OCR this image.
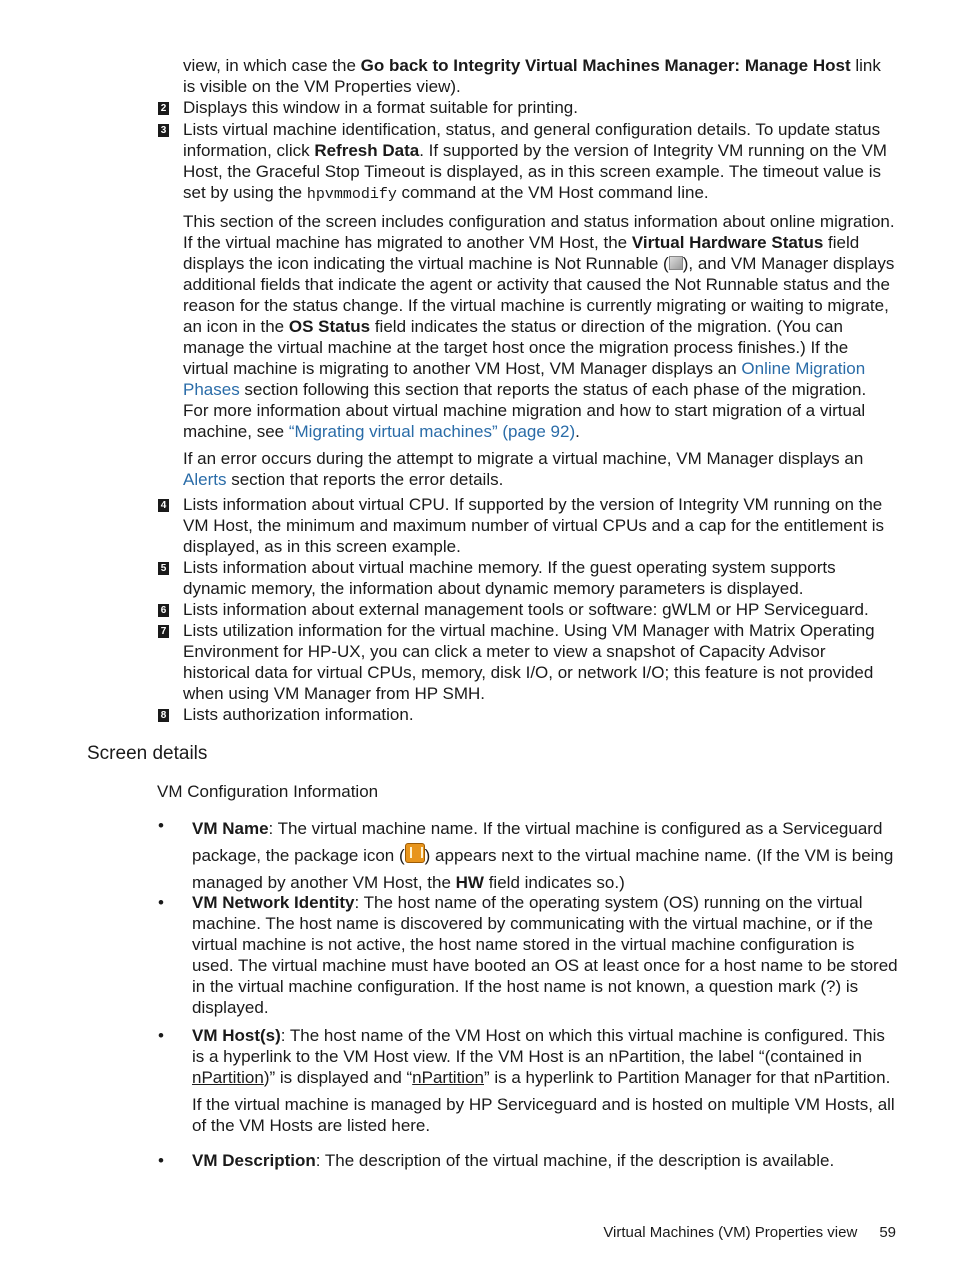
view, in which case the Go back to Integrity Virtual Machines Manager: Manage Host link is visible on the VM Properties view).
2 Displays this window in a format suitable for printing.
3 Lists virtual machine identification, status, and general configuration details. To update status information, click Refresh Data. If supported by the version of Integrity VM running on the VM Host, the Graceful Stop Timeout is displayed, as in this screen example. The timeout value is set by using the hpvmmodify command at the VM Host command line.

This section of the screen includes configuration and status information about online migration. If the virtual machine has migrated to another VM Host, the Virtual Hardware Status field displays the icon indicating the virtual machine is Not Runnable ( ), and VM Manager displays additional fields that indicate the agent or activity that caused the Not Runnable status and the reason for the status change. If the virtual machine is currently migrating or waiting to migrate, an icon in the OS Status field indicates the status or direction of the migration. (You can manage the virtual machine at the target host once the migration process finishes.) If the virtual machine is migrating to another VM Host, VM Manager displays an Online Migration Phases section following this section that reports the status of each phase of the migration. For more information about virtual machine migration and how to start migration of a virtual machine, see “Migrating virtual machines” (page 92).

If an error occurs during the attempt to migrate a virtual machine, VM Manager displays an Alerts section that reports the error details.

4 Lists information about virtual CPU. If supported by the version of Integrity VM running on the VM Host, the minimum and maximum number of virtual CPUs and a cap for the entitlement is displayed, as in this screen example.
5 Lists information about virtual machine memory. If the guest operating system supports dynamic memory, the information about dynamic memory parameters is displayed.
6 Lists information about external management tools or software: gWLM or HP Serviceguard.
7 Lists utilization information for the virtual machine. Using VM Manager with Matrix Operating Environment for HP-UX, you can click a meter to view a snapshot of Capacity Advisor historical data for virtual CPUs, memory, disk I/O, or network I/O; this feature is not provided when using VM Manager from HP SMH.
8 Lists authorization information.
Screen details
VM Configuration Information
• VM Name: The virtual machine name. If the virtual machine is configured as a Serviceguard package, the package icon ( ) appears next to the virtual machine name. (If the VM is being managed by another VM Host, the HW field indicates so.)
• VM Network Identity: The host name of the operating system (OS) running on the virtual machine. The host name is discovered by communicating with the virtual machine, or if the virtual machine is not active, the host name stored in the virtual machine configuration is used. The virtual machine must have booted an OS at least once for a host name to be stored in the virtual machine configuration. If the host name is not known, a question mark (?) is displayed.
• VM Host(s): The host name of the VM Host on which this virtual machine is configured. This is a hyperlink to the VM Host view. If the VM Host is an nPartition, the label “(contained in nPartition)” is displayed and “nPartition” is a hyperlink to Partition Manager for that nPartition.

If the virtual machine is managed by HP Serviceguard and is hosted on multiple VM Hosts, all of the VM Hosts are listed here.

• VM Description: The description of the virtual machine, if the description is available.
Virtual Machines (VM) Properties view 59
